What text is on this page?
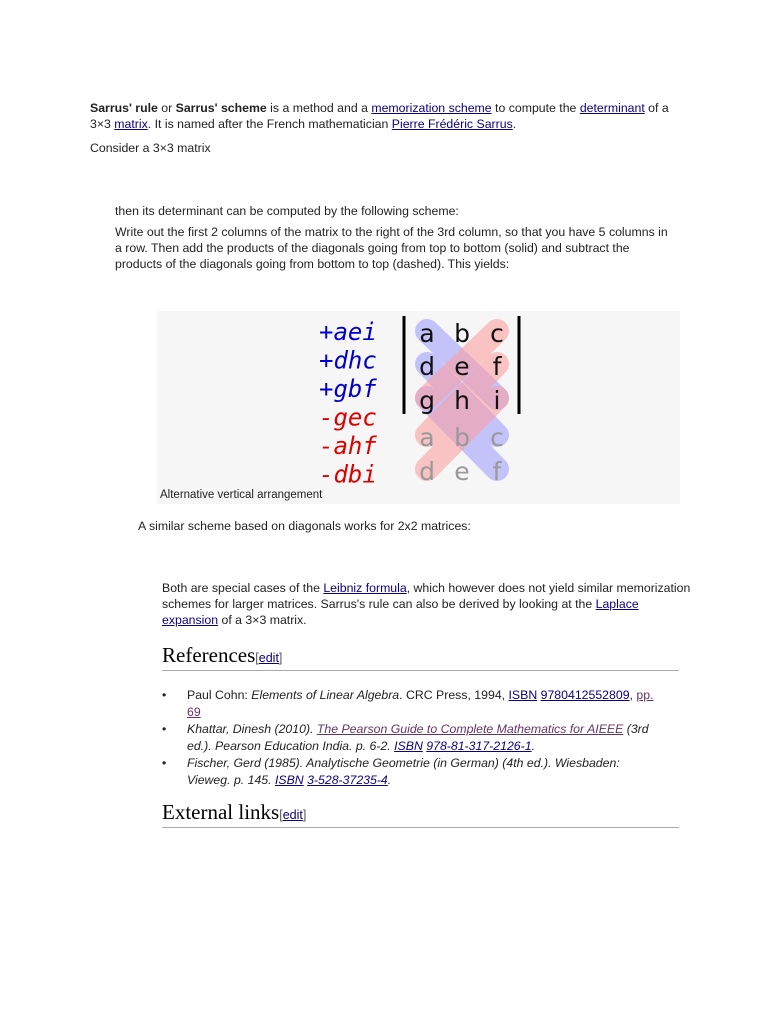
Sarrus' rule or Sarrus' scheme is a method and a memorization scheme to compute the determinant of a 3×3 matrix. It is named after the French mathematician Pierre Frédéric Sarrus.
Consider a 3×3 matrix
then its determinant can be computed by the following scheme:
Write out the first 2 columns of the matrix to the right of the 3rd column, so that you have 5 columns in a row. Then add the products of the diagonals going from top to bottom (solid) and subtract the products of the diagonals going from bottom to top (dashed). This yields:
a b c
d e f
g h i
a b c
d e f
+aei
+dhc
+gbf
-gec
-ahf
-dbi
Alternative vertical arrangement
A similar scheme based on diagonals works for 2x2 matrices:
Both are special cases of the Leibniz formula, which however does not yield similar memorization schemes for larger matrices. Sarrus's rule can also be derived by looking at the Laplace expansion of a 3×3 matrix.
References[edit]
• Paul Cohn: Elements of Linear Algebra. CRC Press, 1994, ISBN 9780412552809, pp. 69
• Khattar, Dinesh (2010). The Pearson Guide to Complete Mathematics for AIEEE (3rd ed.). Pearson Education India. p. 6-2. ISBN 978-81-317-2126-1.
• Fischer, Gerd (1985). Analytische Geometrie (in German) (4th ed.). Wiesbaden: Vieweg. p. 145. ISBN 3-528-37235-4.
External links[edit]
